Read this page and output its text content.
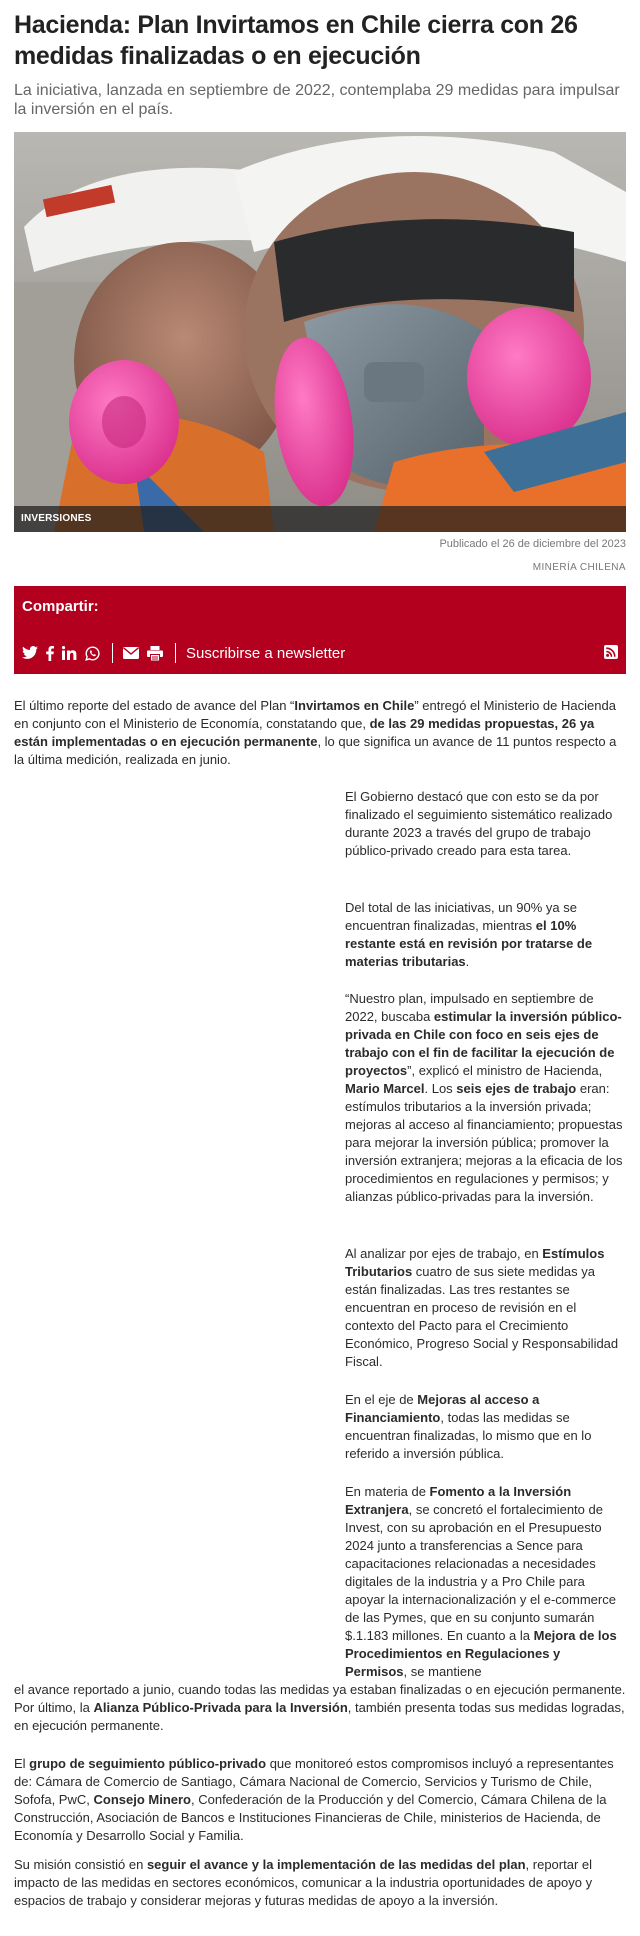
Hacienda: Plan Invirtamos en Chile cierra con 26 medidas finalizadas o en ejecución

La iniciativa, lanzada en septiembre de 2022, contemplaba 29 medidas para impulsar la inversión en el país.

INVERSIONES
Publicado el 26 de diciembre del 2023
MINERÍA CHILENA
Compartir:
Suscribirse a newsletter

El último reporte del estado de avance del Plan “Invirtamos en Chile” entregó el Ministerio de Hacienda en conjunto con el Ministerio de Economía, constatando que, de las 29 medidas propuestas, 26 ya están implementadas o en ejecución permanente, lo que significa un avance de 11 puntos respecto a la última medición, realizada en junio.

El Gobierno destacó que con esto se da por finalizado el seguimiento sistemático realizado durante 2023 a través del grupo de trabajo público-privado creado para esta tarea.

Del total de las iniciativas, un 90% ya se encuentran finalizadas, mientras el 10% restante está en revisión por tratarse de materias tributarias.

“Nuestro plan, impulsado en septiembre de 2022, buscaba estimular la inversión público-privada en Chile con foco en seis ejes de trabajo con el fin de facilitar la ejecución de proyectos”, explicó el ministro de Hacienda, Mario Marcel. Los seis ejes de trabajo eran: estímulos tributarios a la inversión privada; mejoras al acceso al financiamiento; propuestas para mejorar la inversión pública; promover la inversión extranjera; mejoras a la eficacia de los procedimientos en regulaciones y permisos; y alianzas público-privadas para la inversión.

Al analizar por ejes de trabajo, en Estímulos Tributarios cuatro de sus siete medidas ya están finalizadas. Las tres restantes se encuentran en proceso de revisión en el contexto del Pacto para el Crecimiento Económico, Progreso Social y Responsabilidad Fiscal.

En el eje de Mejoras al acceso a Financiamiento, todas las medidas se encuentran finalizadas, lo mismo que en lo referido a inversión pública.

En materia de Fomento a la Inversión Extranjera, se concretó el fortalecimiento de Invest, con su aprobación en el Presupuesto 2024 junto a transferencias a Sence para capacitaciones relacionadas a necesidades digitales de la industria y a Pro Chile para apoyar la internacionalización y el e-commerce de las Pymes, que en su conjunto sumarán $.1.183 millones. En cuanto a la Mejora de los Procedimientos en Regulaciones y Permisos, se mantiene

el avance reportado a junio, cuando todas las medidas ya estaban finalizadas o en ejecución permanente. Por último, la Alianza Público-Privada para la Inversión, también presenta todas sus medidas logradas, en ejecución permanente.

El grupo de seguimiento público-privado que monitoreó estos compromisos incluyó a representantes de: Cámara de Comercio de Santiago, Cámara Nacional de Comercio, Servicios y Turismo de Chile, Sofofa, PwC, Consejo Minero, Confederación de la Producción y del Comercio, Cámara Chilena de la Construcción, Asociación de Bancos e Instituciones Financieras de Chile, ministerios de Hacienda, de Economía y Desarrollo Social y Familia.

Su misión consistió en seguir el avance y la implementación de las medidas del plan, reportar el impacto de las medidas en sectores económicos, comunicar a la industria oportunidades de apoyo y espacios de trabajo y considerar mejoras y futuras medidas de apoyo a la inversión.
